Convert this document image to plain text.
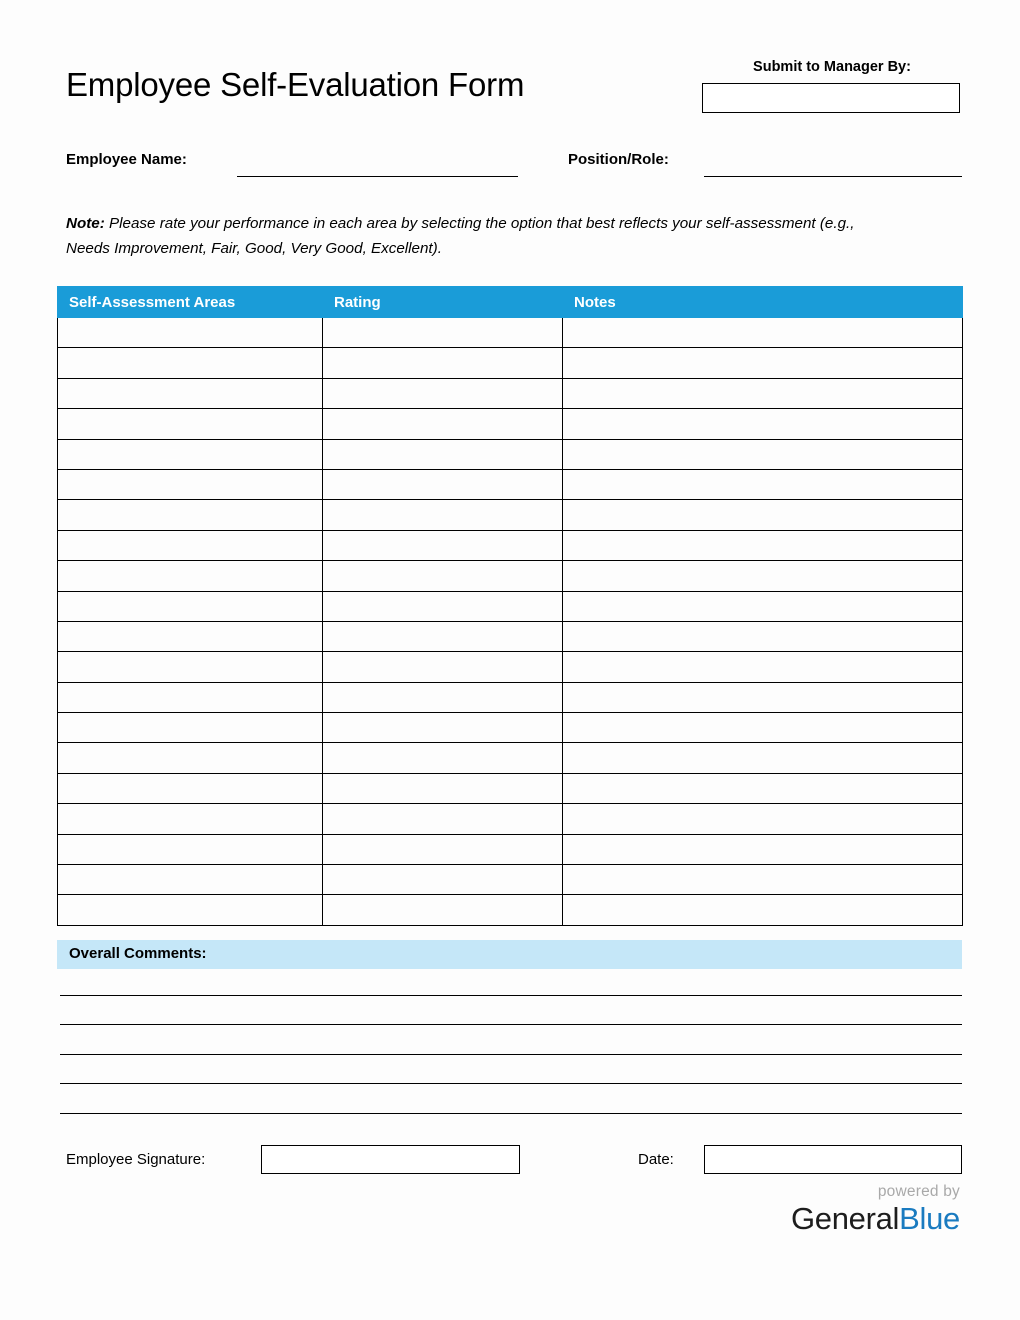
Employee Self-Evaluation Form	Submit to Manager By:
Employee Name:	Position/Role:
Note: Please rate your performance in each area by selecting the option that best reflects your self-assessment (e.g., Needs Improvement, Fair, Good, Very Good, Excellent).
Self-Assessment Areas	Rating	Notes

Overall Comments:
Employee Signature:	Date:
powered by
GeneralBlue
